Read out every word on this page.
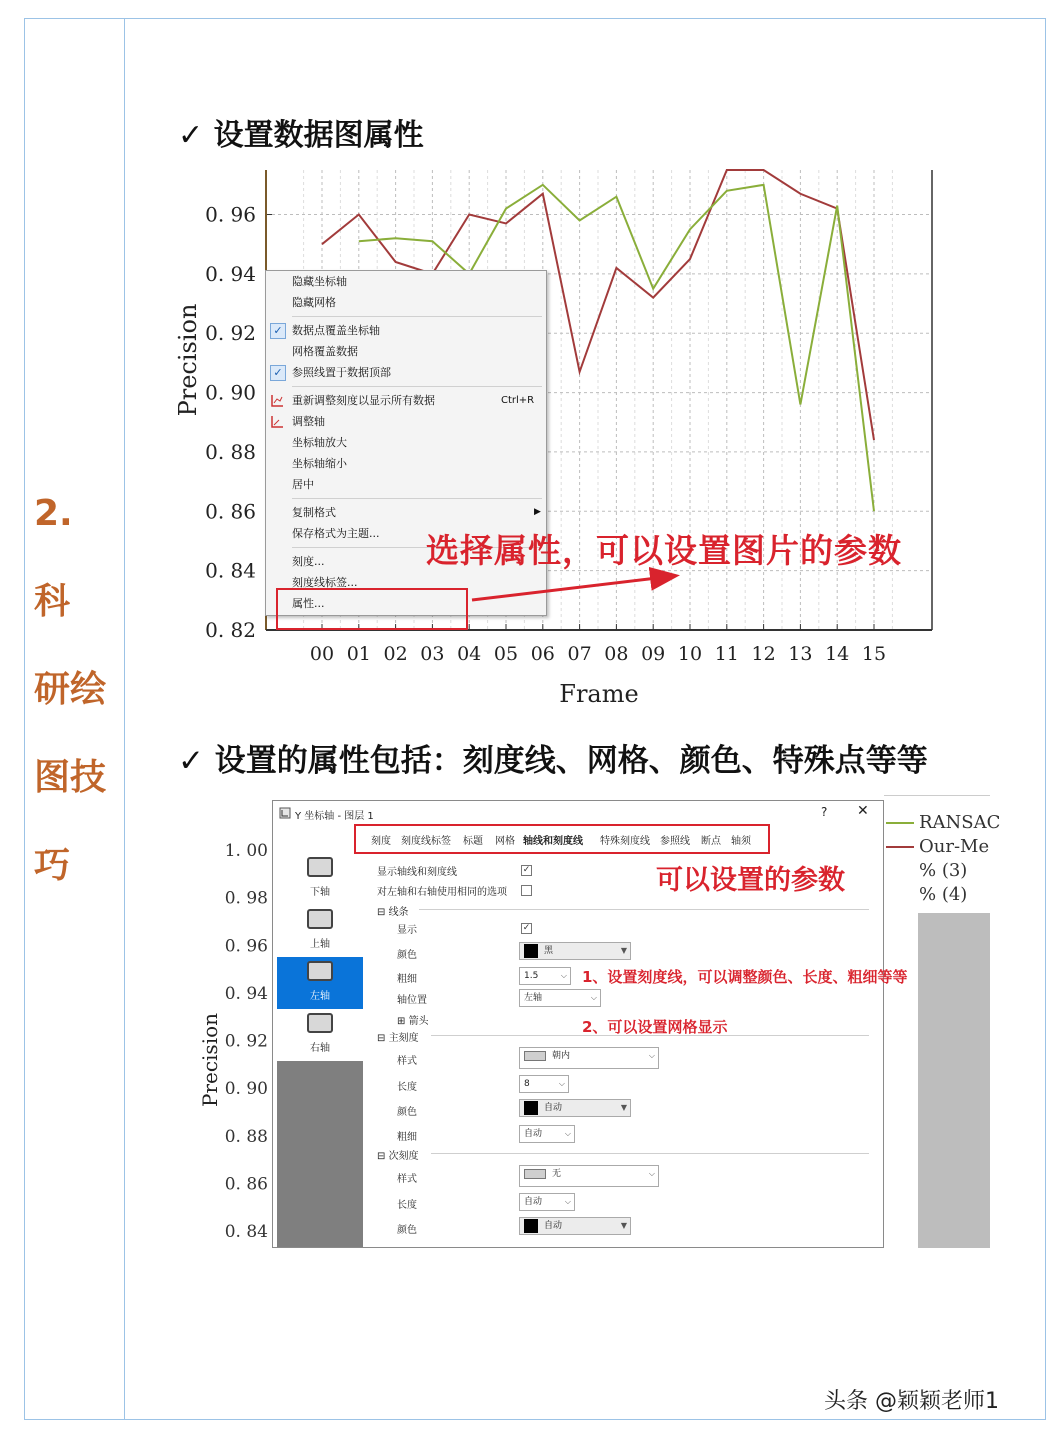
2. 科
研绘
图技
巧
✓ 设置数据图属性
0. 82
0. 84
0. 86
0. 88
0. 90
0. 92
0. 94
0. 96
00 01 02 03 04 05 06 07 08 09 10 11 12 13 14 15
Frame
Precision
隐藏坐标轴
隐藏网格
✓ 数据点覆盖坐标轴
网格覆盖数据
✓ 参照线置于数据顶部
重新调整刻度以显示所有数据	Ctrl+R
调整轴
坐标轴放大
坐标轴缩小
居中
复制格式	▶
保存格式为主题...
刻度...
刻度线标签...
属性...
选择属性，可以设置图片的参数
✓ 设置的属性包括：刻度线、网格、颜色、特殊点等等
1. 00
0. 98
0. 96
0. 94
0. 92
0. 90
0. 88
0. 86
0. 84
Precision
RANSAC
Our-Me
% (3)
% (4)
Y 坐标轴 - 图层 1	? ✕
刻度 刻度线标签 标题 网格 轴线和刻度线 特殊刻度线 参照线 断点 轴须
下轴
上轴
左轴
右轴
显示轴线和刻度线	✓
对左轴和右轴使用相同的选项
⊟ 线条
显示	✓
颜色	黑	▼
粗细	1.5	⌵
轴位置	左轴	⌵
⊞ 箭头
⊟ 主刻度
样式	朝内	⌵
长度	8	⌵
颜色	自动	▼
粗细	自动	⌵
⊟ 次刻度
样式	无	⌵
长度	自动	⌵
颜色	自动	▼
可以设置的参数
1、设置刻度线，可以调整颜色、长度、粗细等等
2、可以设置网格显示
头条 @颖颖老师1
